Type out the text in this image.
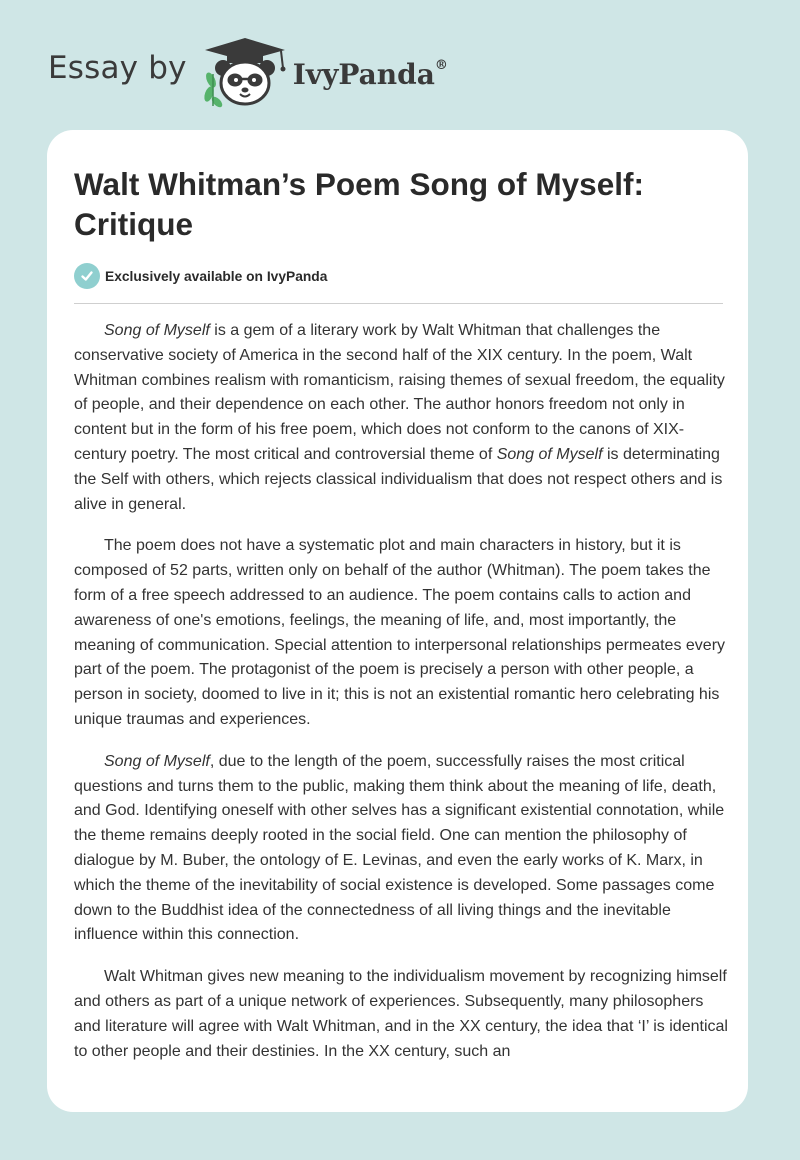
Essay by	IvyPanda®
Walt Whitman’s Poem Song of Myself: Critique
Exclusively available on IvyPanda

Song of Myself is a gem of a literary work by Walt Whitman that challenges the conservative society of America in the second half of the XIX century. In the poem, Walt Whitman combines realism with romanticism, raising themes of sexual freedom, the equality of people, and their dependence on each other. The author honors freedom not only in content but in the form of his free poem, which does not conform to the canons of XIX-century poetry. The most critical and controversial theme of Song of Myself is determinating the Self with others, which rejects classical individualism that does not respect others and is alive in general.

The poem does not have a systematic plot and main characters in history, but it is composed of 52 parts, written only on behalf of the author (Whitman). The poem takes the form of a free speech addressed to an audience. The poem contains calls to action and awareness of one's emotions, feelings, the meaning of life, and, most importantly, the meaning of communication. Special attention to interpersonal relationships permeates every part of the poem. The protagonist of the poem is precisely a person with other people, a person in society, doomed to live in it; this is not an existential romantic hero celebrating his unique traumas and experiences.

Song of Myself, due to the length of the poem, successfully raises the most critical questions and turns them to the public, making them think about the meaning of life, death, and God. Identifying oneself with other selves has a significant existential connotation, while the theme remains deeply rooted in the social field. One can mention the philosophy of dialogue by M. Buber, the ontology of E. Levinas, and even the early works of K. Marx, in which the theme of the inevitability of social existence is developed. Some passages come down to the Buddhist idea of the connectedness of all living things and the inevitable influence within this connection.

Walt Whitman gives new meaning to the individualism movement by recognizing himself and others as part of a unique network of experiences. Subsequently, many philosophers and literature will agree with Walt Whitman, and in the XX century, the idea that ‘I’ is identical to other people and their destinies. In the XX century, such an
